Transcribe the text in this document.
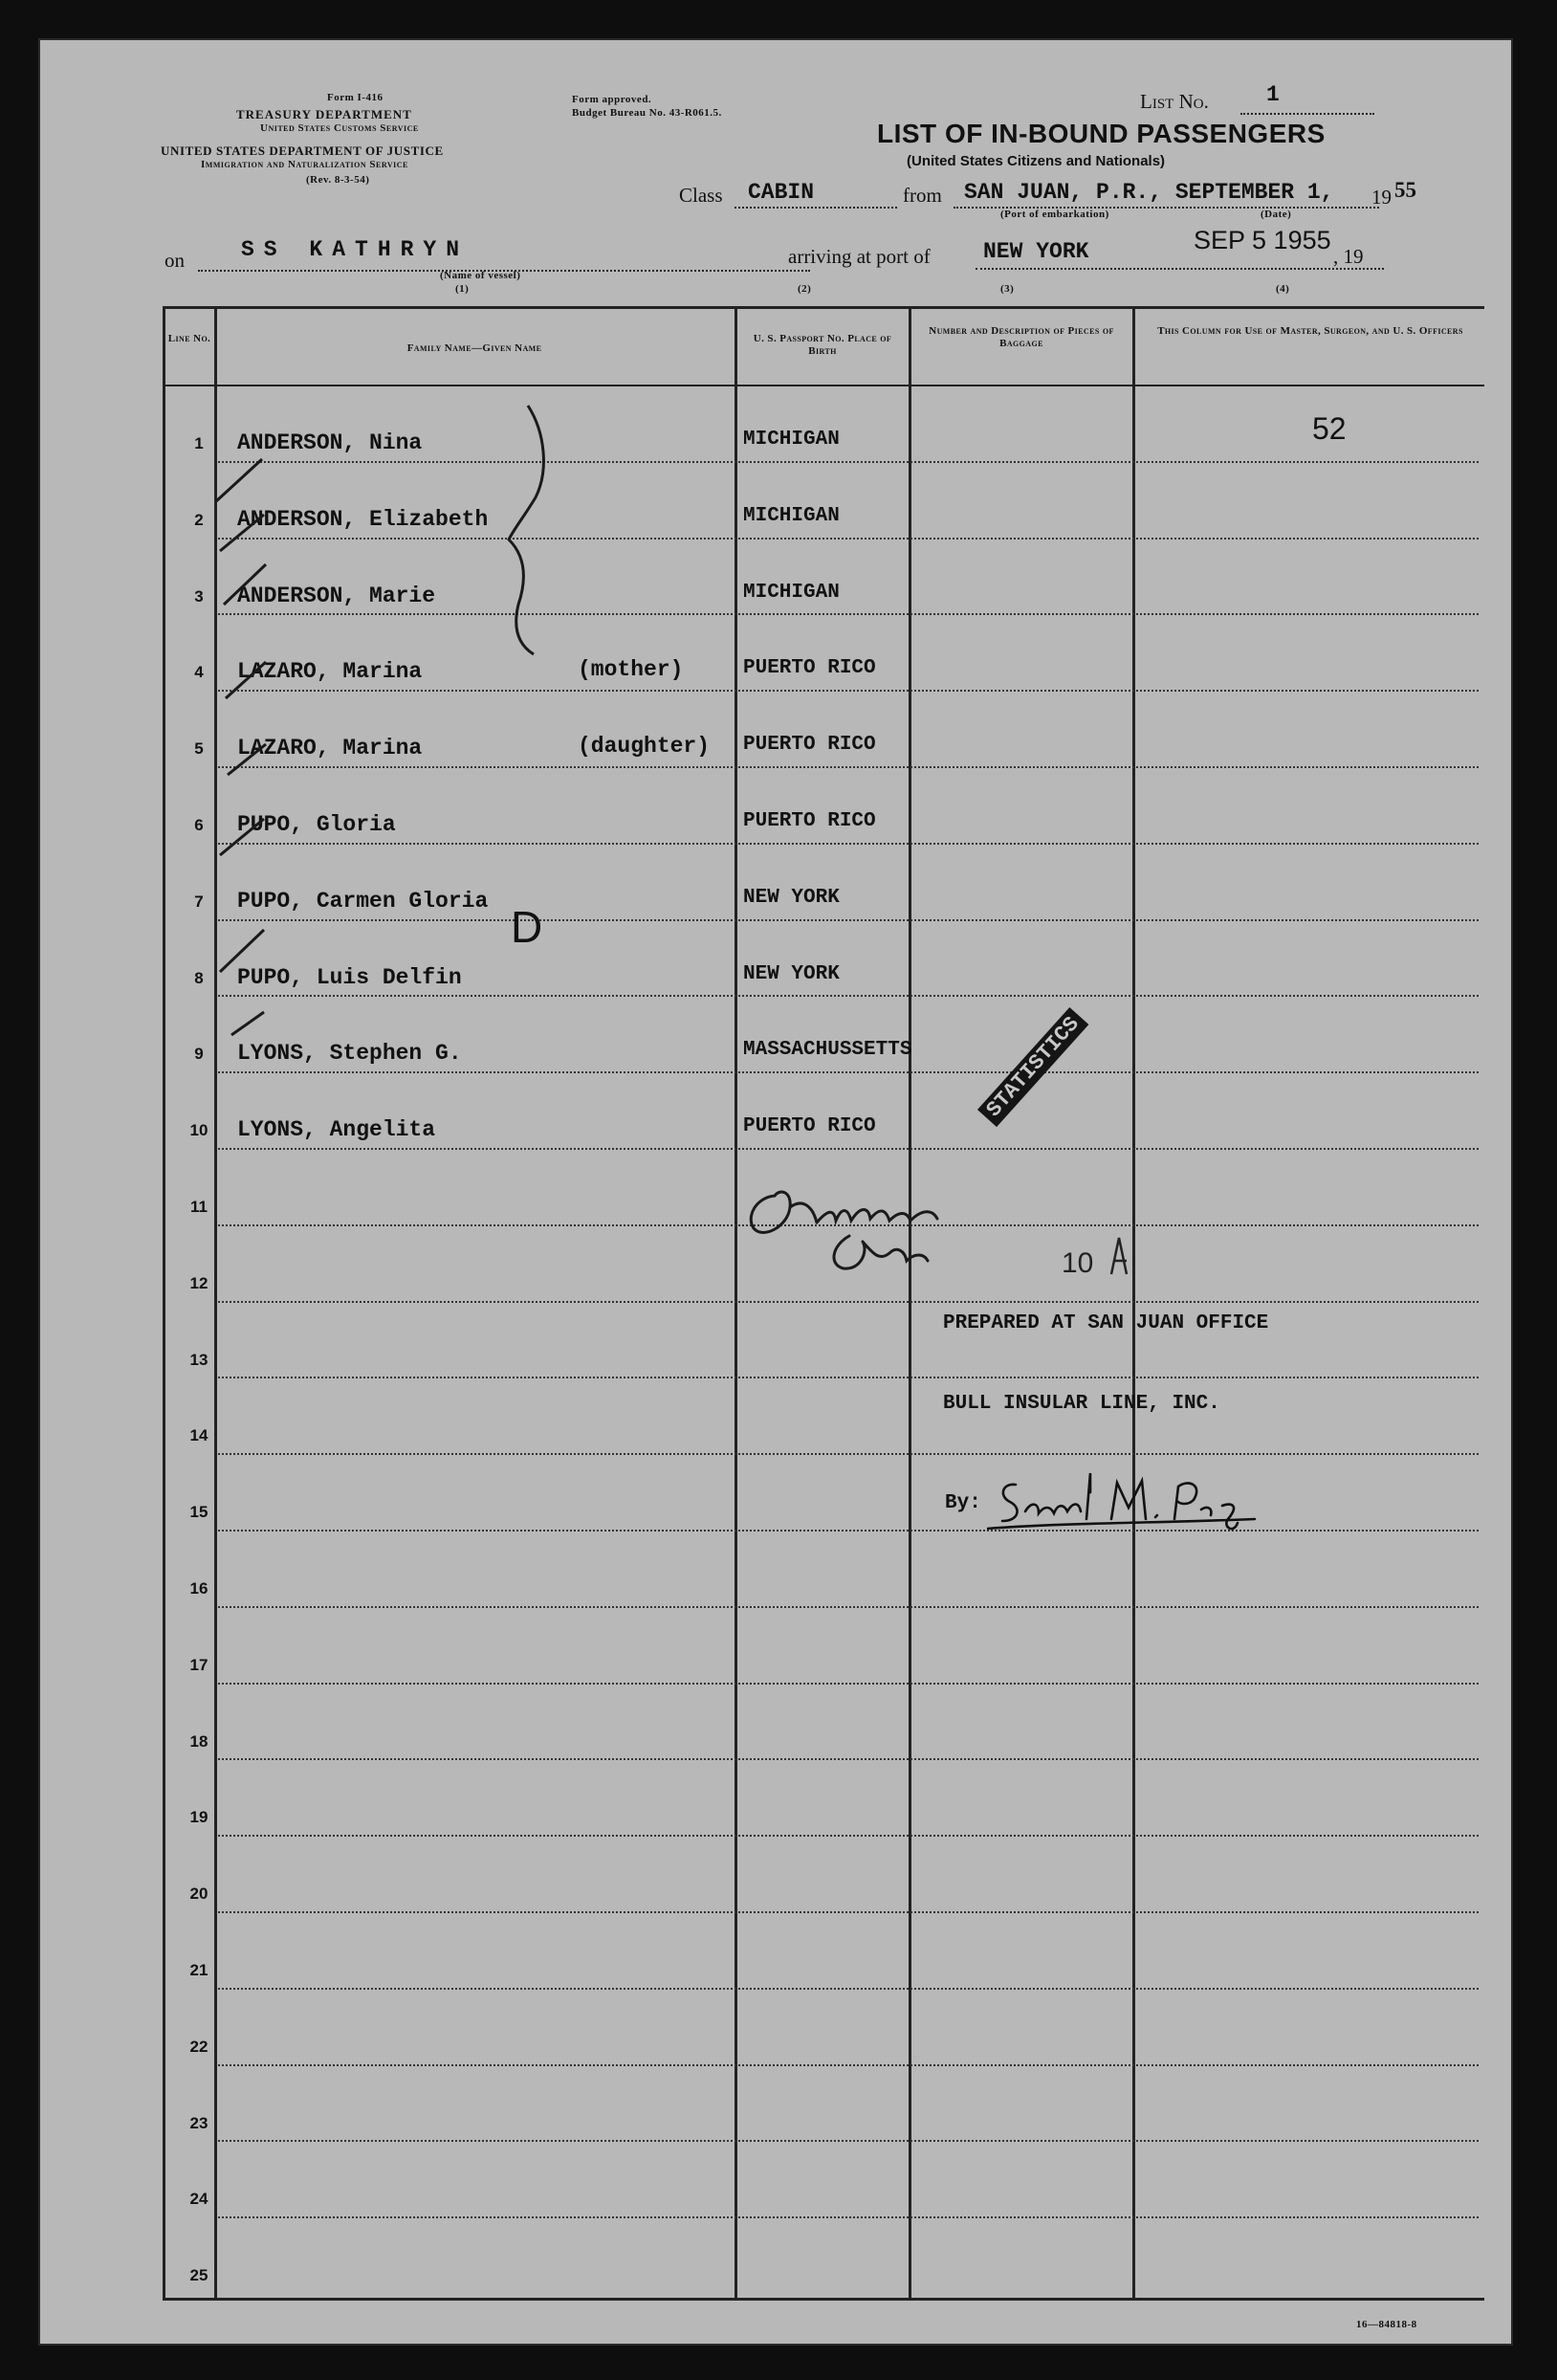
Form I-416
TREASURY DEPARTMENT
United States Customs Service
UNITED STATES DEPARTMENT OF JUSTICE
Immigration and Naturalization Service
(Rev. 8-3-54)
Form approved.
Budget Bureau No. 43-R061.5.	List No.	1
LIST OF IN-BOUND PASSENGERS
(United States Citizens and Nationals)
Class CABIN	from SAN JUAN, P.R., SEPTEMBER 1, 19 55
(Port of embarkation)	(Date)
on	SS KATHRYN
(Name of vessel)
arriving at port of NEW YORK	SEP 5 1955
, 19
(1)	(2)	(3)	(4)
Line No.
Family Name—Given Name
U. S. Passport No. Place of Birth
Number and Description of Pieces of Baggage
This Column for Use of Master, Surgeon, and U. S. Officers
1	ANDERSON, Nina	MICHIGAN
2	ANDERSON, Elizabeth	MICHIGAN
3	ANDERSON, Marie	MICHIGAN
4	LAZARO, Marina	(mother)	PUERTO RICO
5	LAZARO, Marina	(daughter) PUERTO RICO
6	PUPO, Gloria	PUERTO RICO
7	PUPO, Carmen Gloria	NEW YORK
8	PUPO, Luis Delfin	NEW YORK
9	LYONS, Stephen G.	MASSACHUSSETTS
10	LYONS, Angelita	PUERTO RICO
11
12
13
14
15
16
17
18
19
20
21
22
23
24
25
52
D
STATISTICS
10
PREPARED AT SAN JUAN OFFICE
BULL INSULAR LINE, INC.
By:
16—84818-8
